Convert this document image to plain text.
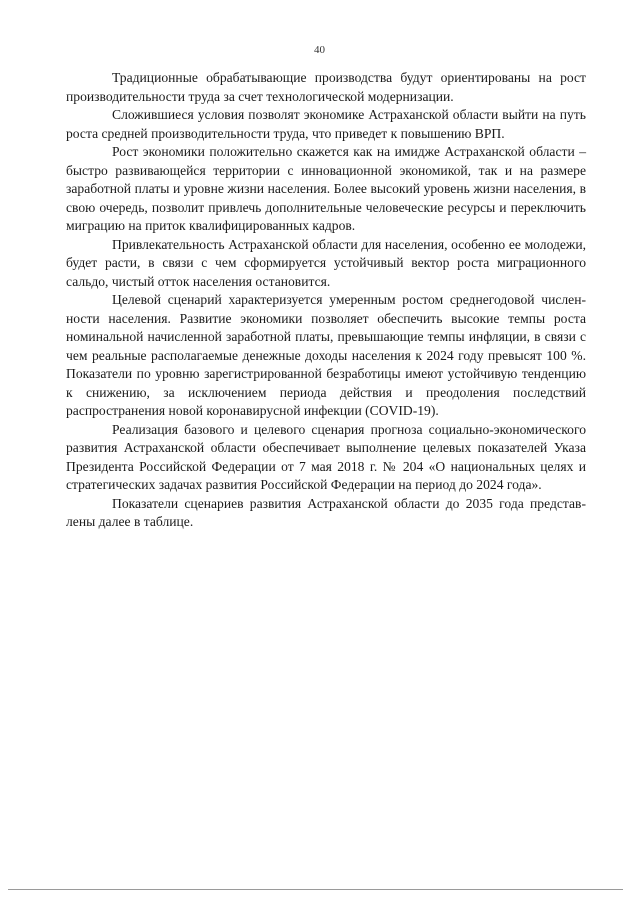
40

Традиционные обрабатывающие производства будут ориентированы на рост производительности труда за счет технологической модернизации.

Сложившиеся условия позволят экономике Астраханской области выйти на путь роста средней производительности труда, что приведет к повышению ВРП.

Рост экономики положительно скажется как на имидже Астраханской области – быстро развивающейся территории с инновационной экономикой, так и на размере заработной платы и уровне жизни населения. Более высокий уровень жизни населения, в свою очередь, позволит привлечь дополнительные человеческие ресурсы и переключить миграцию на приток квалифицированных кадров.

Привлекательность Астраханской области для населения, особенно ее молодежи, будет расти, в связи с чем сформируется устойчивый вектор роста миграционного сальдо, чистый отток населения остановится.

Целевой сценарий характеризуется умеренным ростом среднегодовой численности населения. Развитие экономики позволяет обеспечить высокие темпы роста номинальной начисленной заработной платы, превышающие темпы инфляции, в связи с чем реальные располагаемые денежные доходы населения к 2024 году превысят 100 %. Показатели по уровню зарегистрированной безработицы имеют устойчивую тенденцию к снижению, за исключением периода действия и преодоления последствий распространения новой коронавирусной инфекции (COVID-19).

Реализация базового и целевого сценария прогноза социально-экономического развития Астраханской области обеспечивает выполнение целевых показателей Указа Президента Российской Федерации от 7 мая 2018 г. № 204 «О национальных целях и стратегических задачах развития Российской Федерации на период до 2024 года».

Показатели сценариев развития Астраханской области до 2035 года представлены далее в таблице.
